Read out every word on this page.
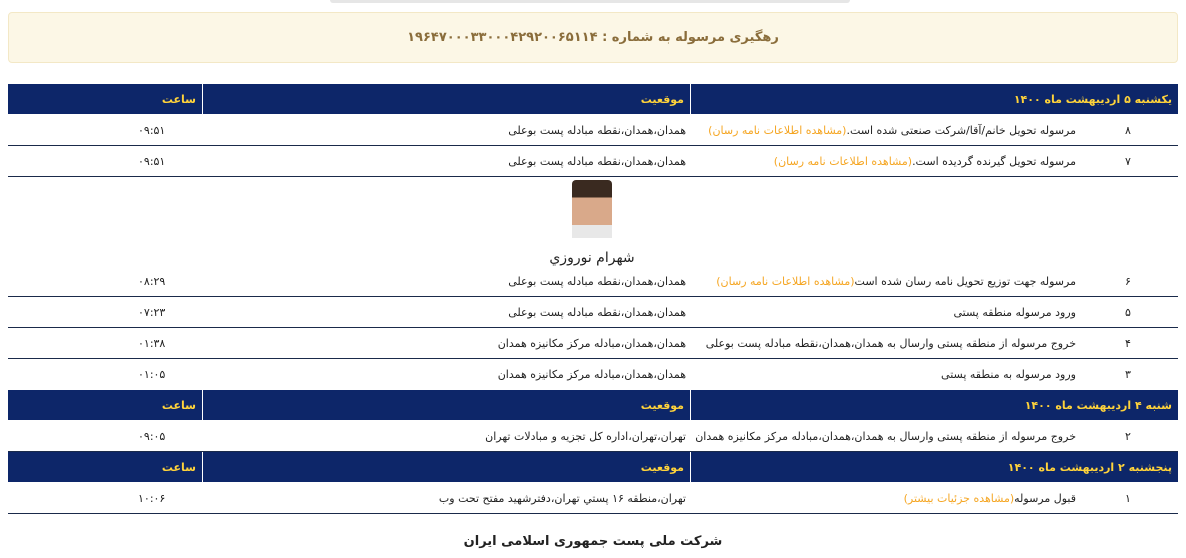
رهگیری مرسوله به شماره : ۱۹۶۴۷۰۰۰۳۳۰۰۰۴۲۹۲۰۰۶۵۱۱۴
یکشنبه ۵ اردیبهشت ماه ۱۴۰۰
موقعیت
ساعت
۸
مرسوله تحویل خانم/آقا/شرکت صنعتی شده است.(مشاهده اطلاعات نامه رسان)
همدان،همدان،نقطه مبادله پست بوعلی
۰۹:۵۱
۷
مرسوله تحویل گیرنده گردیده است.(مشاهده اطلاعات نامه رسان)
همدان،همدان،نقطه مبادله پست بوعلی
۰۹:۵۱
شهرام نوروزي
۶
مرسوله جهت توزیع تحویل نامه رسان شده است(مشاهده اطلاعات نامه رسان)
همدان،همدان،نقطه مبادله پست بوعلی
۰۸:۲۹
۵
ورود مرسوله منطقه پستی
همدان،همدان،نقطه مبادله پست بوعلی
۰۷:۲۳
۴
خروج مرسوله از منطقه پستی وارسال به همدان،همدان،نقطه مبادله پست بوعلی
همدان،همدان،مبادله مرکز مکانیزه همدان
۰۱:۳۸
۳
ورود مرسوله به منطقه پستی
همدان،همدان،مبادله مرکز مکانیزه همدان
۰۱:۰۵
شنبه ۴ اردیبهشت ماه ۱۴۰۰
موقعیت
ساعت
۲
خروج مرسوله از منطقه پستی وارسال به همدان،همدان،مبادله مرکز مکانیزه همدان
تهران،تهران،اداره کل تجزیه و مبادلات تهران
۰۹:۰۵
پنجشنبه ۲ اردیبهشت ماه ۱۴۰۰
موقعیت
ساعت
۱
قبول مرسوله(مشاهده جزئیات بیشتر)
تهران،منطقه ۱۶ پستي تهران،دفترشهید مفتح تحت وب
۱۰:۰۶
شرکت ملی پست جمهوری اسلامی ایران
